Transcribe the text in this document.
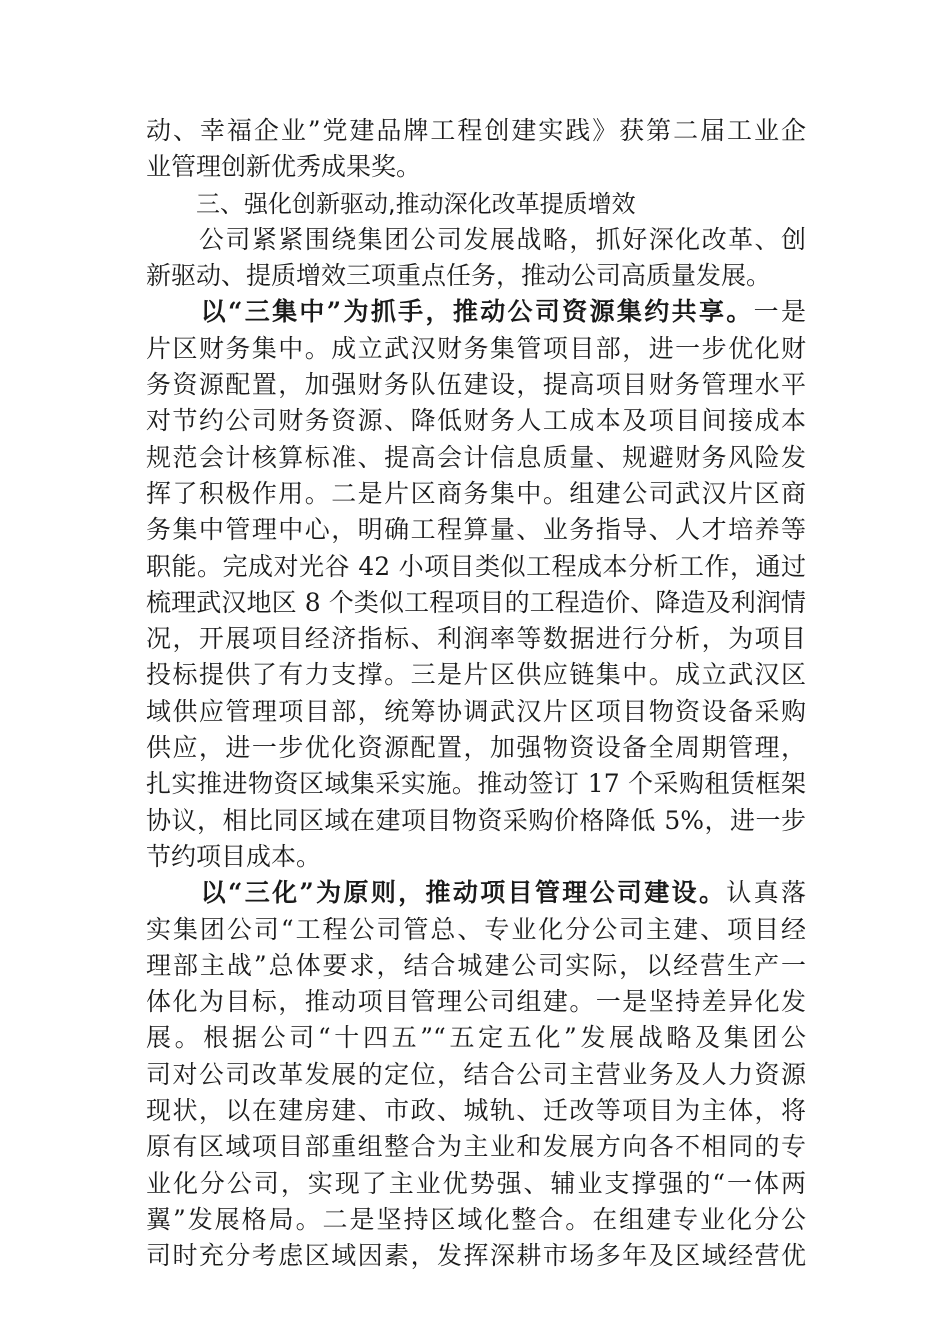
动、幸福企业”党建品牌工程创建实践》获第二届工业企
业管理创新优秀成果奖。
三、强化创新驱动,推动深化改革提质增效
　　公司紧紧围绕集团公司发展战略，抓好深化改革、创
新驱动、提质增效三项重点任务，推动公司高质量发展。
　　以“三集中”为抓手，推动公司资源集约共享。一是
片区财务集中。成立武汉财务集管项目部，进一步优化财
务资源配置，加强财务队伍建设，提高项目财务管理水平
对节约公司财务资源、降低财务人工成本及项目间接成本
规范会计核算标准、提高会计信息质量、规避财务风险发
挥了积极作用。二是片区商务集中。组建公司武汉片区商
务集中管理中心，明确工程算量、业务指导、人才培养等
职能。完成对光谷 42 小项目类似工程成本分析工作，通过
梳理武汉地区 8 个类似工程项目的工程造价、降造及利润情
况，开展项目经济指标、利润率等数据进行分析，为项目
投标提供了有力支撑。三是片区供应链集中。成立武汉区
域供应管理项目部，统筹协调武汉片区项目物资设备采购
供应，进一步优化资源配置，加强物资设备全周期管理，
扎实推进物资区域集采实施。推动签订 17 个采购租赁框架
协议，相比同区域在建项目物资采购价格降低 5%，进一步
节约项目成本。
　　以“三化”为原则，推动项目管理公司建设。认真落
实集团公司“工程公司管总、专业化分公司主建、项目经
理部主战”总体要求，结合城建公司实际，以经营生产一
体化为目标，推动项目管理公司组建。一是坚持差异化发
展。根据公司“十四五”“五定五化”发展战略及集团公
司对公司改革发展的定位，结合公司主营业务及人力资源
现状，以在建房建、市政、城轨、迁改等项目为主体，将
原有区域项目部重组整合为主业和发展方向各不相同的专
业化分公司，实现了主业优势强、辅业支撑强的“一体两
翼”发展格局。二是坚持区域化整合。在组建专业化分公
司时充分考虑区域因素，发挥深耕市场多年及区域经营优
